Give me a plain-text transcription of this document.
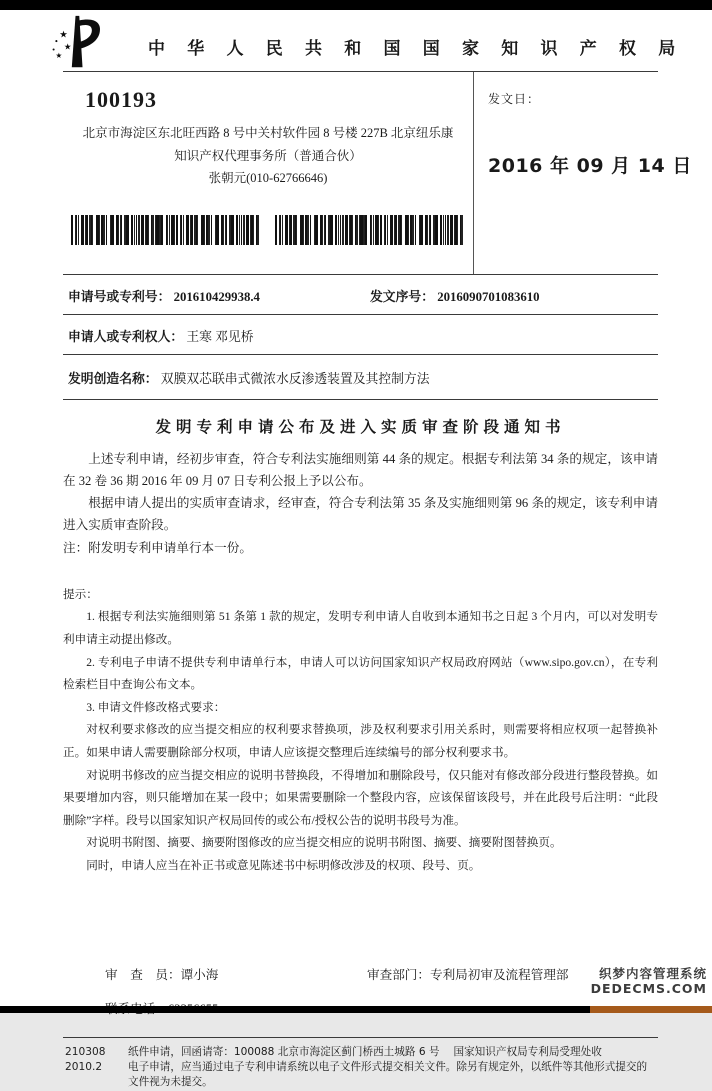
★
★
★	中 华 人 民 共 和 国 国 家 知 识 产 权 局
100193
北京市海淀区东北旺西路 8 号中关村软件园 8 号楼 227B 北京纽乐康
知识产权代理事务所（普通合伙）
张朝元(010-62766646)
发文日：
2016 年 09 月 14 日
申请号或专利号： 201610429938.4	发文序号： 2016090701083610
申请人或专利权人： 王寒 邓见桥
发明创造名称： 双膜双芯联串式微浓水反渗透装置及其控制方法
发明专利申请公布及进入实质审查阶段通知书

上述专利申请，经初步审查，符合专利法实施细则第 44 条的规定。根据专利法第 34 条的规定，该申请在 32 卷 36 期 2016 年 09 月 07 日专利公报上予以公布。

根据申请人提出的实质审查请求，经审查，符合专利法第 35 条及实施细则第 96 条的规定，该专利申请进入实质审查阶段。

注：附发明专利申请单行本一份。

提示：

1. 根据专利法实施细则第 51 条第 1 款的规定，发明专利申请人自收到本通知书之日起 3 个月内，可以对发明专利申请主动提出修改。

2. 专利电子申请不提供专利申请单行本，申请人可以访问国家知识产权局政府网站（www.sipo.gov.cn），在专利检索栏目中查询公布文本。

3. 申请文件修改格式要求：

对权利要求修改的应当提交相应的权利要求替换项，涉及权利要求引用关系时，则需要将相应权项一起替换补正。如果申请人需要删除部分权项，申请人应该提交整理后连续编号的部分权利要求书。

对说明书修改的应当提交相应的说明书替换段，不得增加和删除段号，仅只能对有修改部分段进行整段替换。如果要增加内容，则只能增加在某一段中；如果需要删除一个整段内容，应该保留该段号，并在此段号后注明：“此段删除”字样。段号以国家知识产权局回传的或公布/授权公告的说明书段号为准。

对说明书附图、摘要、摘要附图修改的应当提交相应的说明书附图、摘要、摘要附图替换页。

同时，申请人应当在补正书或意见陈述书中标明修改涉及的权项、段号、页。

审　查　员：谭小海	审查部门：专利局初审及流程管理部
210308
2010.2
纸件申请，回函请寄：100088 北京市海淀区蓟门桥西土城路 6 号　 国家知识产权局专利局受理处收
电子申请，应当通过电子专利申请系统以电子文件形式提交相关文件。除另有规定外，以纸件等其他形式提交的文件视为未提交。
织梦内容管理系统
DEDECMS.COM
